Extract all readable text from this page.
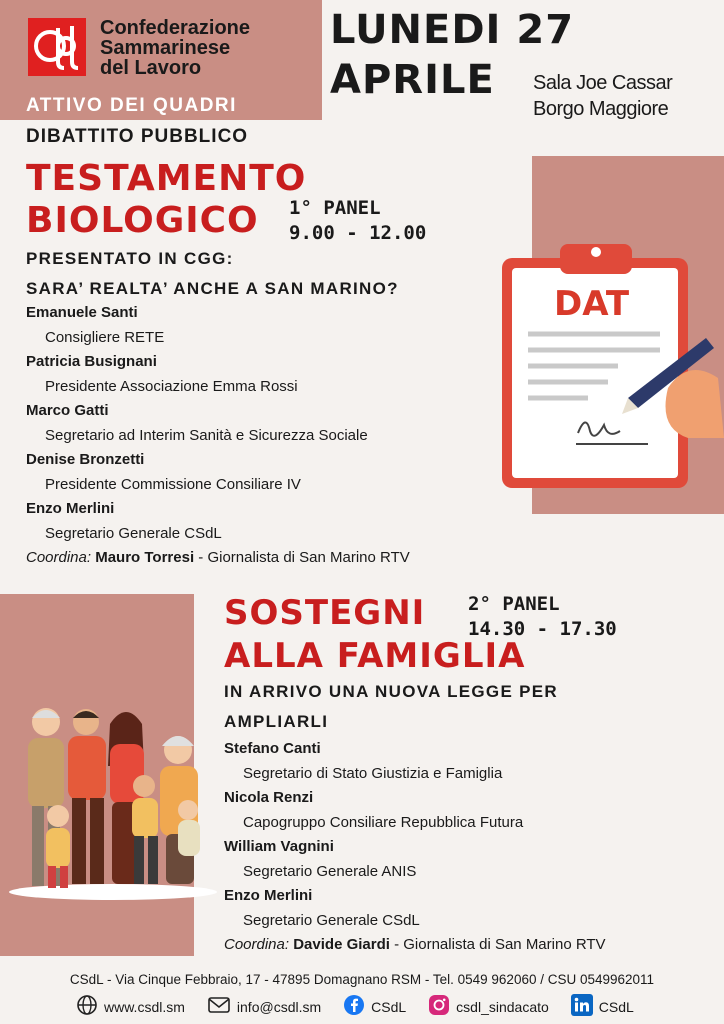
Confederazione
Sammarinese
del Lavoro
ATTIVO DEI QUADRI
LUNEDI 27
APRILE Sala Joe Cassar
Borgo Maggiore
DIBATTITO PUBBLICO
TESTAMENTO
BIOLOGICO 1° PANEL
9.00 - 12.00
PRESENTATO IN CGG:
SARA’ REALTA’ ANCHE A SAN MARINO?
Emanuele Santi
Consigliere RETE
Patricia Busignani
Presidente Associazione Emma Rossi
Marco Gatti
Segretario ad Interim Sanità e Sicurezza Sociale
Denise Bronzetti
Presidente Commissione Consiliare IV
Enzo Merlini
Segretario Generale CSdL
Coordina: Mauro Torresi - Giornalista di San Marino RTV
DAT
SOSTEGNI
ALLA FAMIGLIA
2° PANEL
14.30 - 17.30
IN ARRIVO UNA NUOVA LEGGE PER
AMPLIARLI
Stefano Canti
Segretario di Stato Giustizia e Famiglia
Nicola Renzi
Capogruppo Consiliare Repubblica Futura
William Vagnini
Segretario Generale ANIS
Enzo Merlini
Segretario Generale CSdL
Coordina: Davide Giardi - Giornalista di San Marino RTV
CSdL - Via Cinque Febbraio, 17 - 47895 Domagnano RSM - Tel. 0549 962060 / CSU 0549962011
www.csdl.sm	info@csdl.sm	CSdL	csdl_sindacato	CSdL
